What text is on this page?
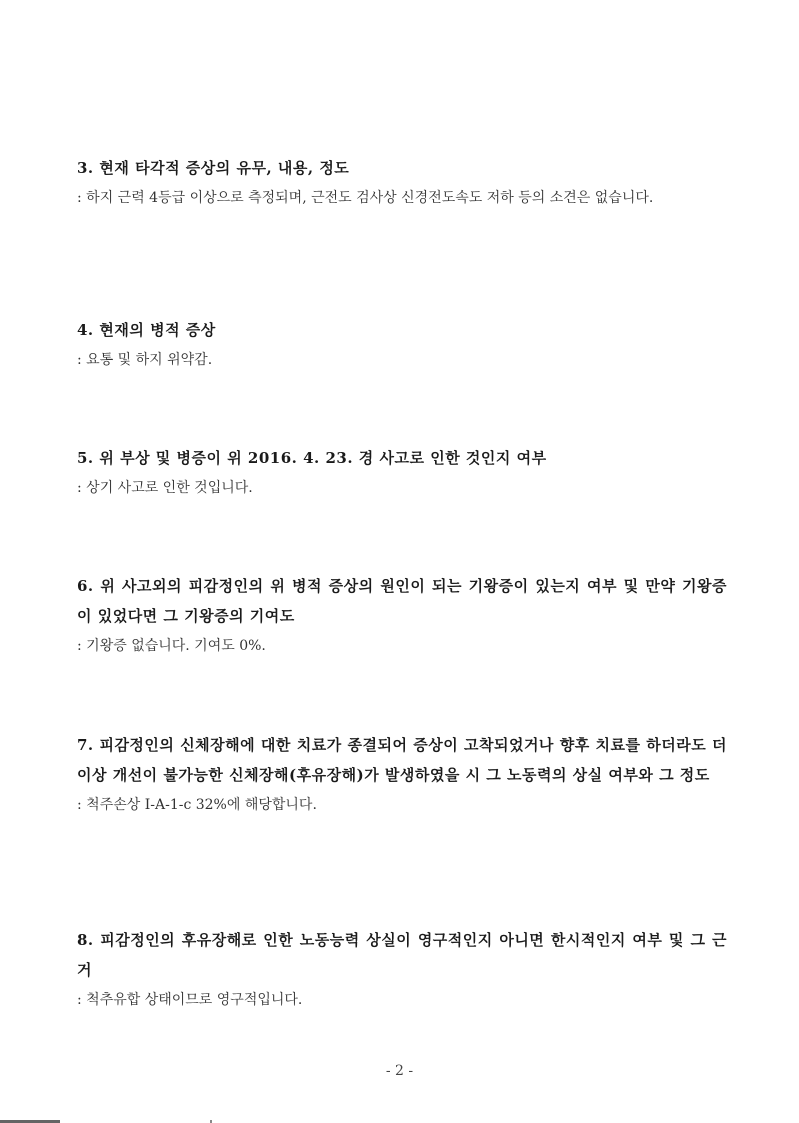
3. 현재 타각적 증상의 유무, 내용, 정도

: 하지 근력 4등급 이상으로 측정되며, 근전도 검사상 신경전도속도 저하 등의 소견은 없습니다.

4. 현재의 병적 증상

: 요통 및 하지 위약감.

5. 위 부상 및 병증이 위 2016. 4. 23. 경 사고로 인한 것인지 여부

: 상기 사고로 인한 것입니다.

6. 위 사고외의 피감정인의 위 병적 증상의 원인이 되는 기왕증이 있는지 여부 및 만약 기왕증이 있었다면 그 기왕증의 기여도

: 기왕증 없습니다. 기여도 0%.

7. 피감정인의 신체장해에 대한 치료가 종결되어 증상이 고착되었거나 향후 치료를 하더라도 더 이상 개선이 불가능한 신체장해(후유장해)가 발생하였을 시 그 노동력의 상실 여부와 그 정도

: 척주손상 I-A-1-c 32%에 해당합니다.

8. 피감정인의 후유장해로 인한 노동능력 상실이 영구적인지 아니면 한시적인지 여부 및 그 근거

: 척추유합 상태이므로 영구적입니다.

- 2 -
